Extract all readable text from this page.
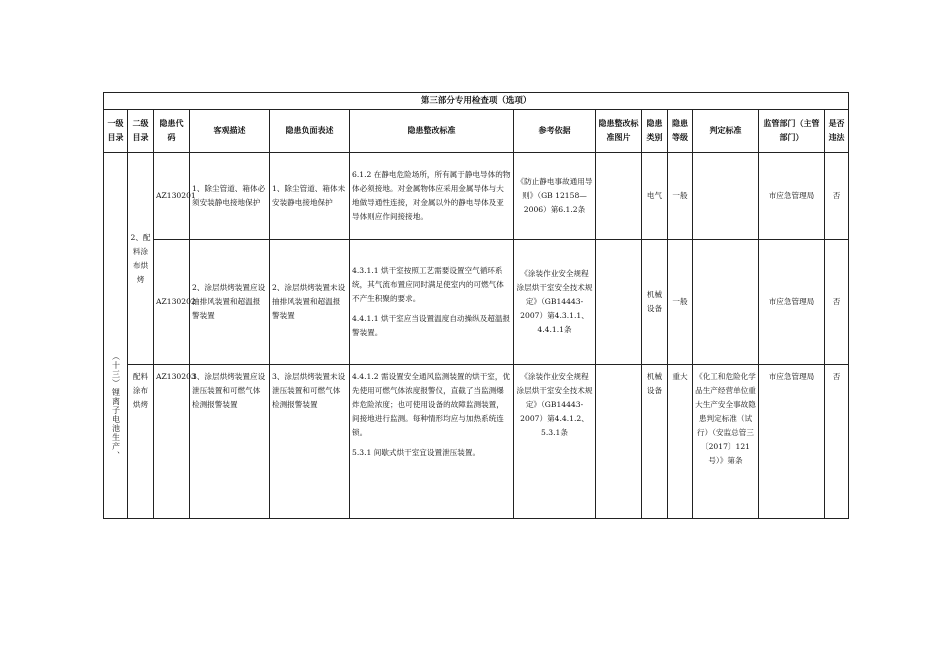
第三部分专用检查项（选项）												
一级目录	二级目录	隐患代码	客观描述	隐患负面表述	隐患整改标准	参考依据	隐患整改标准图片	隐患类别	隐患等级	判定标准	监管部门（主管部门）	是否违法

（十三）锂离子电池生产、	2、配料涂布烘烤	AZ130201	1、除尘管道、箱体必须安装静电接地保护	1、除尘管道、箱体未安装静电接地保护	6.1.2 在静电危险场所，所有属于静电导体的物体必须接地。对金属物体应采用金属导体与大地做导通性连接，对金属以外的静电导体及亚导体则应作间接接地。	《防止静电事故通用导则》（GB 12158—2006）第6.1.2条		电气	一般		市应急管理局	否
		AZ130202	2、涂层烘烤装置应设抽排风装置和超温报警装置	2、涂层烘烤装置未设抽排风装置和超温报警装置	4.3.1.1 烘干室按照工艺需要设置空气循环系统，其气流布置应同时满足使室内的可燃气体不产生积聚的要求。

4.4.1.1 烘干室应当设置温度自动操纵及超温报警装置。	《涂装作业安全规程 涂层烘干室安全技术规定》（GB14443-2007）第4.3.1.1、4.4.1.1条		机械设备	一般		市应急管理局	否
	配料涂布烘烤	AZ130203	3、涂层烘烤装置应设泄压装置和可燃气体检测报警装置	3、涂层烘烤装置未设泄压装置和可燃气体检测报警装置	4.4.1.2 需设置安全通风监测装置的烘干室，优先使用可燃气体浓度报警仪，直截了当监测爆炸危险浓度；也可使用设备的故障监测装置，间接地进行监测。每种情形均应与加热系统连锁。

5.3.1 间歇式烘干室宜设置泄压装置。	《涂装作业安全规程 涂层烘干室安全技术规定》（GB14443-2007）第4.4.1.2、5.3.1条		机械设备	重大	《化工和危险化学品生产经营单位重大生产安全事故隐患判定标准（试行）（安监总管三〔2017〕121号）》第条	市应急管理局	否
